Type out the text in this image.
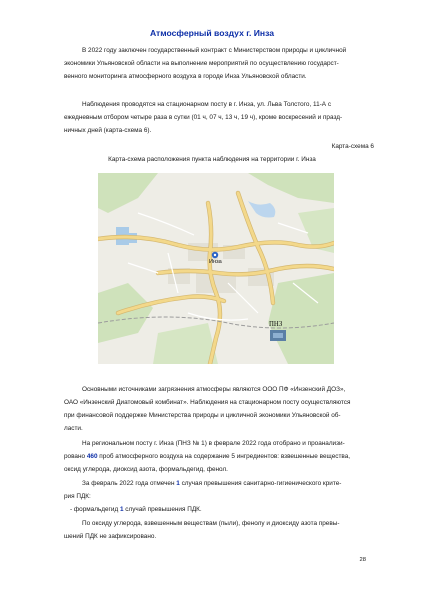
Атмосферный воздух г. Инза
В 2022 году заключен государственный контракт с Министерством природы и цикличной
экономики Ульяновской области на выполнение мероприятий по осуществлению государст-
венного мониторинга атмосферного воздуха в городе Инза Ульяновской области.
Наблюдения проводятся на стационарном посту в г. Инза, ул. Льва Толстого, 11-А с
ежедневным отбором четыре раза в сутки (01 ч, 07 ч, 13 ч, 19 ч), кроме воскресений и празд-
ничных дней (карта-схема 6).
Карта-схема 6
Карта-схема расположения пункта наблюдения на территории г. Инза
Инза
ПНЗ
Основными источниками загрязнения атмосферы являются ООО ПФ «Инзенский ДОЗ»,
ОАО «Инзенский Диатомовый комбинат». Наблюдения на стационарном посту осуществляются
при финансовой поддержке Министерства природы и цикличной экономики Ульяновской об-
ласти.
На региональном посту г. Инза (ПНЗ № 1) в феврале 2022 года отобрано и проанализи-
ровано 460 проб атмосферного воздуха на содержание 5 ингредиентов: взвешенные вещества,
оксид углерода, диоксид азота, формальдегид, фенол.
За февраль 2022 года отмечен 1 случая превышения санитарно-гигиенического крите-
рия ПДК:
- формальдегид 1 случай превышения ПДК.
По оксиду углерода, взвешенным веществам (пыли), фенолу и диоксиду азота превы-
шений ПДК не зафиксировано.
28
